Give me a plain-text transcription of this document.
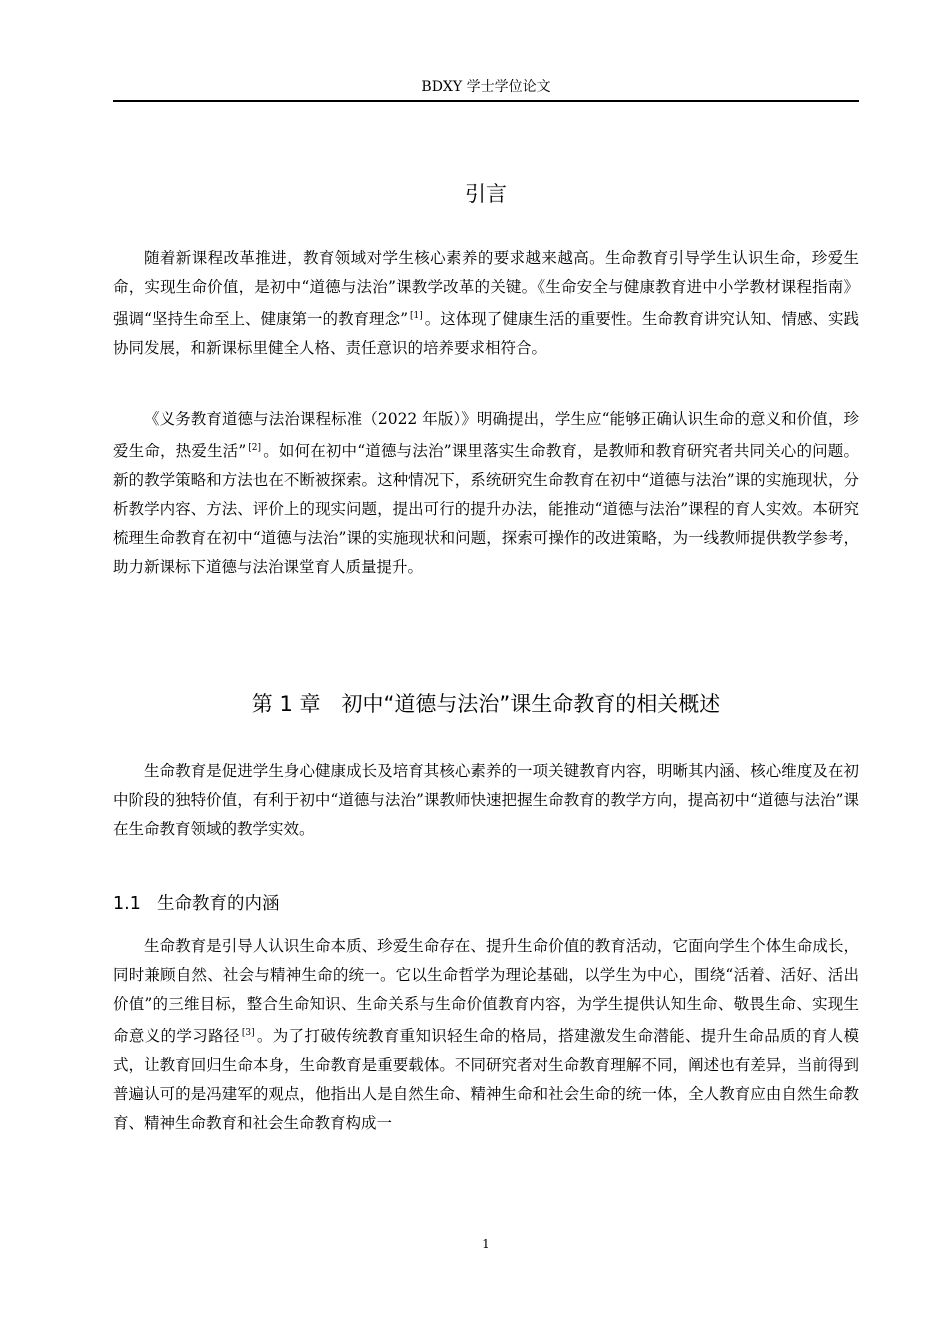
BDXY 学士学位论文
引言

随着新课程改革推进，教育领域对学生核心素养的要求越来越高。生命教育引导学生认识生命，珍爱生命，实现生命价值，是初中“道德与法治”课教学改革的关键。《生命安全与健康教育进中小学教材课程指南》强调“坚持生命至上、健康第一的教育理念” [1] 。这体现了健康生活的重要性。生命教育讲究认知、情感、实践协同发展，和新课标里健全人格、责任意识的培养要求相符合。

《义务教育道德与法治课程标准（2022 年版）》明确提出，学生应“能够正确认识生命的意义和价值，珍爱生命，热爱生活” [2] 。如何在初中“道德与法治”课里落实生命教育，是教师和教育研究者共同关心的问题。新的教学策略和方法也在不断被探索。这种情况下，系统研究生命教育在初中“道德与法治”课的实施现状，分析教学内容、方法、评价上的现实问题，提出可行的提升办法，能推动“道德与法治”课程的育人实效。本研究梳理生命教育在初中“道德与法治”课的实施现状和问题，探索可操作的改进策略，为一线教师提供教学参考，助力新课标下道德与法治课堂育人质量提升。

第 1 章　初中“道德与法治”课生命教育的相关概述

生命教育是促进学生身心健康成长及培育其核心素养的一项关键教育内容，明晰其内涵、核心维度及在初中阶段的独特价值，有利于初中“道德与法治”课教师快速把握生命教育的教学方向，提高初中“道德与法治”课在生命教育领域的教学实效。

1.1 生命教育的内涵

生命教育是引导人认识生命本质、珍爱生命存在、提升生命价值的教育活动，它面向学生个体生命成长，同时兼顾自然、社会与精神生命的统一。它以生命哲学为理论基础，以学生为中心，围绕“活着、活好、活出价值”的三维目标，整合生命知识、生命关系与生命价值教育内容，为学生提供认知生命、敬畏生命、实现生命意义的学习路径 [3] 。为了打破传统教育重知识轻生命的格局，搭建激发生命潜能、提升生命品质的育人模式，让教育回归生命本身，生命教育是重要载体。不同研究者对生命教育理解不同，阐述也有差异，当前得到普遍认可的是冯建军的观点，他指出人是自然生命、精神生命和社会生命的统一体，全人教育应由自然生命教育、精神生命教育和社会生命教育构成一

1
